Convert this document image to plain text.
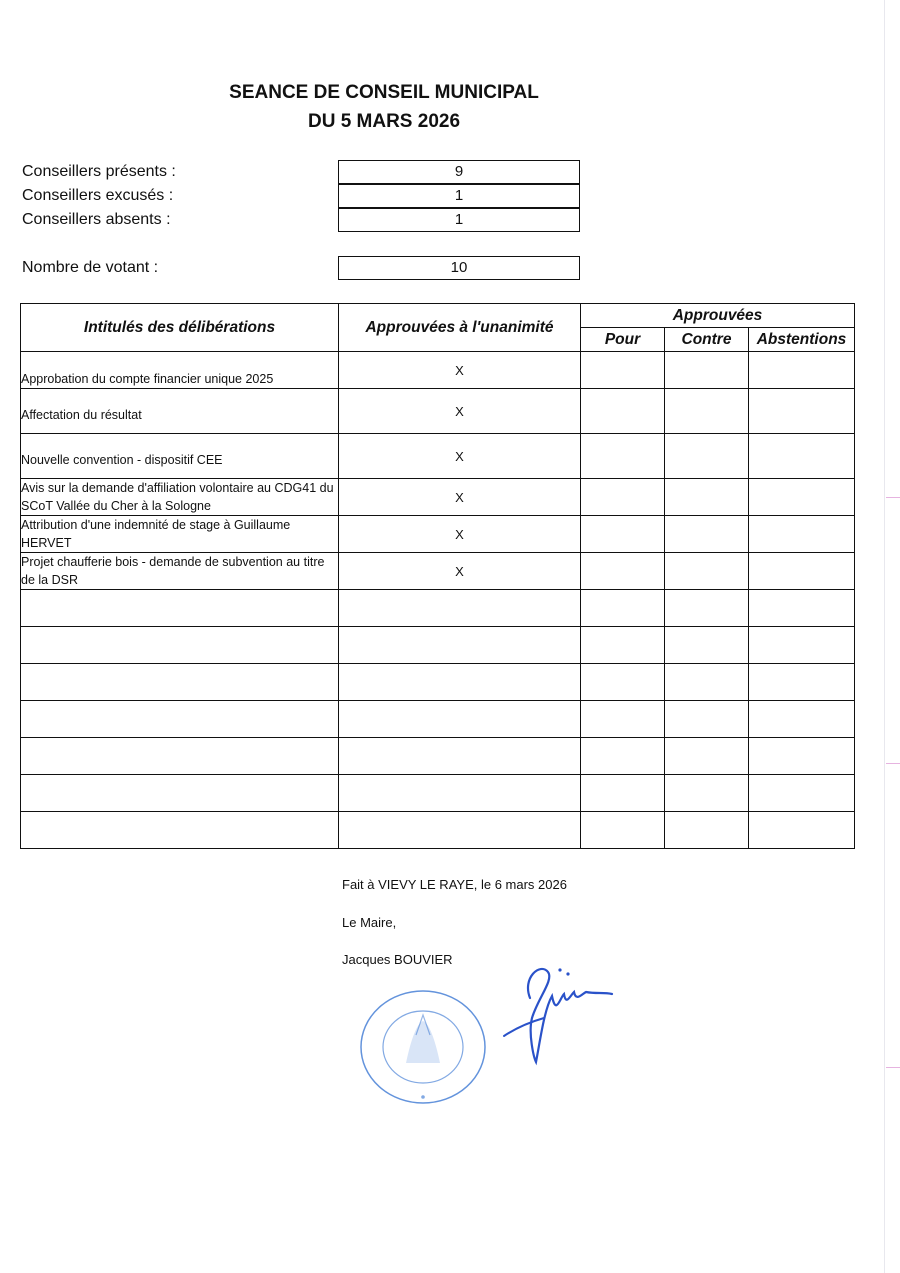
SEANCE DE CONSEIL MUNICIPAL
DU 5 MARS 2026
Conseillers présents :	9
Conseillers excusés :	1
Conseillers absents :	1
Nombre de votant :	10
Intitulés des délibérations	Approuvées à l'unanimité	Approuvées		
		Pour	Contre	Abstentions
Approbation du compte financier unique 2025	X			
Affectation du résultat	X			
Nouvelle convention - dispositif CEE	X			
Avis sur la demande d'affiliation volontaire au CDG41 du SCoT Vallée du Cher à la Sologne	X			
Attribution d'une indemnité de stage à Guillaume HERVET	X			
Projet chaufferie bois - demande de subvention au titre de la DSR	X			

Fait à VIEVY LE RAYE, le 6 mars 2026
Le Maire,
Jacques BOUVIER
